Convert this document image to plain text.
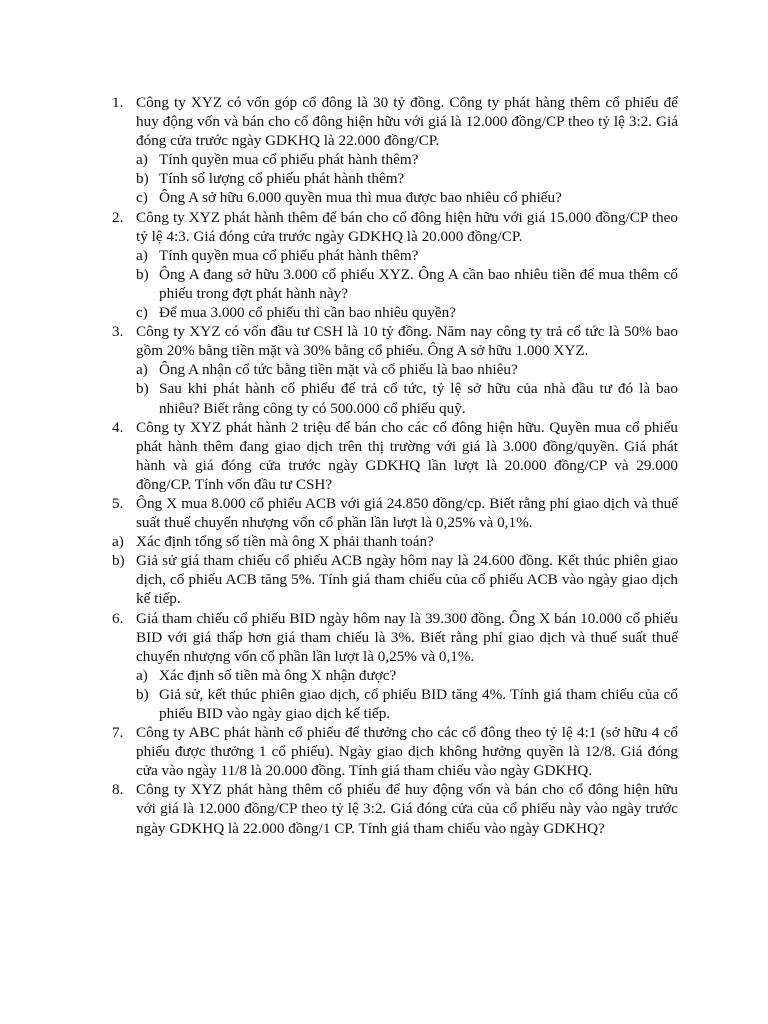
1. Công ty XYZ có vốn góp cổ đông là 30 tỷ đồng. Công ty phát hàng thêm cổ phiếu để huy động vốn và bán cho cổ đông hiện hữu với giá là 12.000 đồng/CP theo tỷ lệ 3:2. Giá đóng cửa trước ngày GDKHQ là 22.000 đồng/CP.
a) Tính quyền mua cổ phiếu phát hành thêm?
b) Tính số lượng cổ phiếu phát hành thêm?
c) Ông A sở hữu 6.000 quyền mua thì mua được bao nhiêu cổ phiếu?
2. Công ty XYZ phát hành thêm để bán cho cổ đông hiện hữu với giá 15.000 đồng/CP theo tỷ lệ 4:3. Giá đóng cửa trước ngày GDKHQ là 20.000 đồng/CP.
a) Tính quyền mua cổ phiếu phát hành thêm?
b) Ông A đang sở hữu 3.000 cổ phiếu XYZ. Ông A cần bao nhiêu tiền để mua thêm cổ phiếu trong đợt phát hành này?
c) Để mua 3.000 cổ phiếu thì cần bao nhiêu quyền?
3. Công ty XYZ có vốn đầu tư CSH là 10 tỷ đồng. Năm nay công ty trả cổ tức là 50% bao gồm 20% bằng tiền mặt và 30% bằng cổ phiếu. Ông A sở hữu 1.000 XYZ.
a) Ông A nhận cổ tức bằng tiền mặt và cổ phiếu là bao nhiêu?
b) Sau khi phát hành cổ phiếu để trả cổ tức, tỷ lệ sở hữu của nhà đầu tư đó là bao nhiêu? Biết rằng công ty có 500.000 cổ phiếu quỹ.
4. Công ty XYZ phát hành 2 triệu để bán cho các cổ đông hiện hữu. Quyền mua cổ phiếu phát hành thêm đang giao dịch trên thị trường với giá là 3.000 đồng/quyền. Giá phát hành và giá đóng cửa trước ngày GDKHQ lần lượt là 20.000 đồng/CP và 29.000 đồng/CP. Tính vốn đầu tư CSH?
5. Ông X mua 8.000 cổ phiếu ACB với giá 24.850 đồng/cp. Biết rằng phí giao dịch và thuế suất thuế chuyển nhượng vốn cổ phần lần lượt là 0,25% và 0,1%.
a) Xác định tổng số tiền mà ông X phải thanh toán?
b) Giả sử giá tham chiếu cổ phiếu ACB ngày hôm nay là 24.600 đồng. Kết thúc phiên giao dịch, cổ phiếu ACB tăng 5%. Tính giá tham chiếu của cổ phiếu ACB vào ngày giao dịch kế tiếp.
6. Giá tham chiếu cổ phiếu BID ngày hôm nay là 39.300 đồng. Ông X bán 10.000 cổ phiếu BID với giá thấp hơn giá tham chiếu là 3%. Biết rằng phí giao dịch và thuế suất thuế chuyển nhượng vốn cổ phần lần lượt là 0,25% và 0,1%.
a) Xác định số tiền mà ông X nhận được?
b) Giả sử, kết thúc phiên giao dịch, cổ phiếu BID tăng 4%. Tính giá tham chiếu của cổ phiếu BID vào ngày giao dịch kế tiếp.
7. Công ty ABC phát hành cổ phiếu để thưởng cho các cổ đông theo tỷ lệ 4:1 (sở hữu 4 cổ phiếu được thưởng 1 cổ phiếu). Ngày giao dịch không hưởng quyền là 12/8. Giá đóng cửa vào ngày 11/8 là 20.000 đồng. Tính giá tham chiếu vào ngày GDKHQ.
8. Công ty XYZ phát hàng thêm cổ phiếu để huy động vốn và bán cho cổ đông hiện hữu với giá là 12.000 đồng/CP theo tỷ lệ 3:2. Giá đóng cửa của cổ phiếu này vào ngày trước ngày GDKHQ là 22.000 đồng/1 CP. Tính giá tham chiếu vào ngày GDKHQ?
